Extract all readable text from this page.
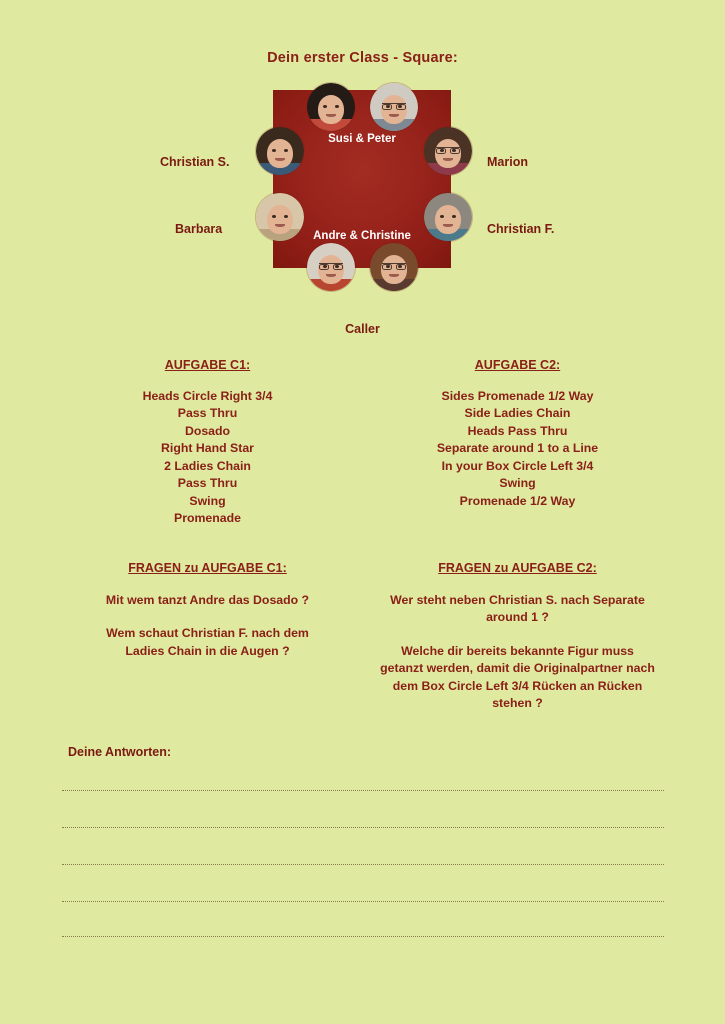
Dein erster Class - Square:
Susi & Peter
Andre & Christine
Christian S.	Marion
Barbara	Christian F.
Caller
AUFGABE C1:
Heads Circle Right 3/4
Pass Thru
Dosado
Right Hand Star
2 Ladies Chain
Pass Thru
Swing
Promenade
AUFGABE C2:
Sides Promenade 1/2 Way
Side Ladies Chain
Heads Pass Thru
Separate around 1 to a Line
In your Box Circle Left 3/4
Swing
Promenade 1/2 Way
FRAGEN zu AUFGABE C1:
Mit wem tanzt Andre das Dosado ?
Wem schaut Christian F. nach dem Ladies Chain in die Augen ?
FRAGEN zu AUFGABE C2:
Wer steht neben Christian S. nach Separate around 1 ?
Welche dir bereits bekannte Figur muss getanzt werden, damit die Originalpartner nach dem Box Circle Left 3/4 Rücken an Rücken stehen ?
Deine Antworten:
